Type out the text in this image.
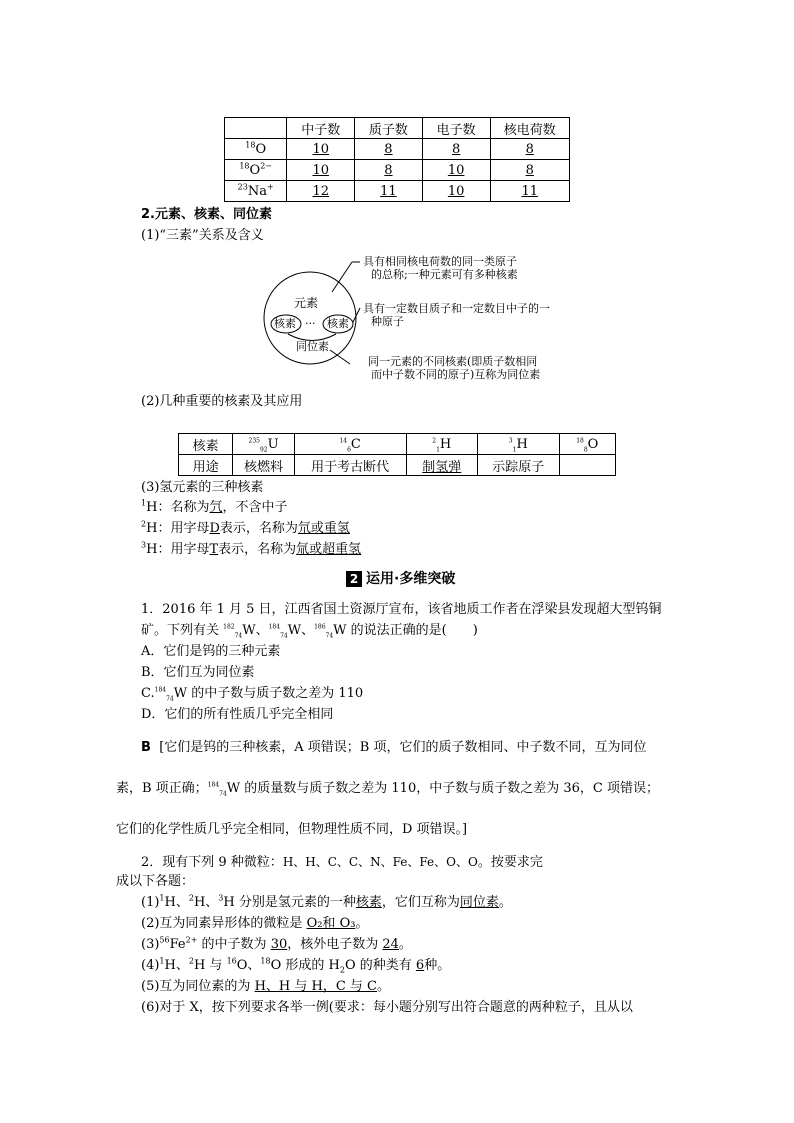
	中子数	质子数	电子数	核电荷数
$^{18}$O	10	8	8	8
$^{18}O^{2-}$	10	8	10	8
$^{23}$Na+	12	11	10	11
2.元素、核素、同位素
(1)“三素”关系及含义
元素
核素 ··· 核素
同位素
具有相同核电荷数的同一类原子
的总称;一种元素可有多种核素
具有一定数目质子和一定数目中子的一
种原子
同一元素的不同核素(即质子数相同
而中子数不同的原子)互称为同位素
(2)几种重要的核素及其应用
核素	$^{235}_{92}$U	$^{14}_6$C	$^2_1$H	$^3_1$H	$^{18}_8$O
用途	核燃料	用于考古断代	制氢弹	示踪原子	
(3)氢元素的三种核素
$^1$H：名称为氕，不含中子
$^2$H：用字母D表示，名称为氘或重氢
$^3$H：用字母T表示，名称为氚或超重氢
2 运用·多维突破
1．2016 年 1 月 5 日，江西省国土资源厅宣布，该省地质工作者在浮梁县发现超大型钨铜
矿。下列有关 $^{182}_{74}$W、$^{184}_{74}$W、$^{186}_{74}$W 的说法正确的是(　　)
A．它们是钨的三种元素
B．它们互为同位素
C.$^{184}_{74}$W 的中子数与质子数之差为 110
D．它们的所有性质几乎完全相同
B [它们是钨的三种核素，A 项错误；B 项，它们的质子数相同、中子数不同，互为同位
素，B 项正确；$^{184}_{74}$W 的质量数与质子数之差为 110，中子数与质子数之差为 36，C 项错误；
它们的化学性质几乎完全相同，但物理性质不同，D 项错误。]
2．现有下列 9 种微粒：H、H、C、C、N、Fe、Fe、O、O。按要求完
成以下各题：
$(1)^1H$、$^2$H、$^3$H 分别是氢元素的一种核素，它们互称为同位素。
(2)互为同素异形体的微粒是 O₂和 O₃。
$(3)^{56}Fe^{2+}$ 的中子数为 30，核外电子数为 24。
$(4)^1H$、$^2$H 与 $^{16}$O、$^{18}$O 形成的 $H_2O$ 的种类有 6种。
(5)互为同位素的为 H、H 与 H，C 与 C。
(6)对于 X，按下列要求各举一例(要求：每小题分别写出符合题意的两种粒子，且从以
